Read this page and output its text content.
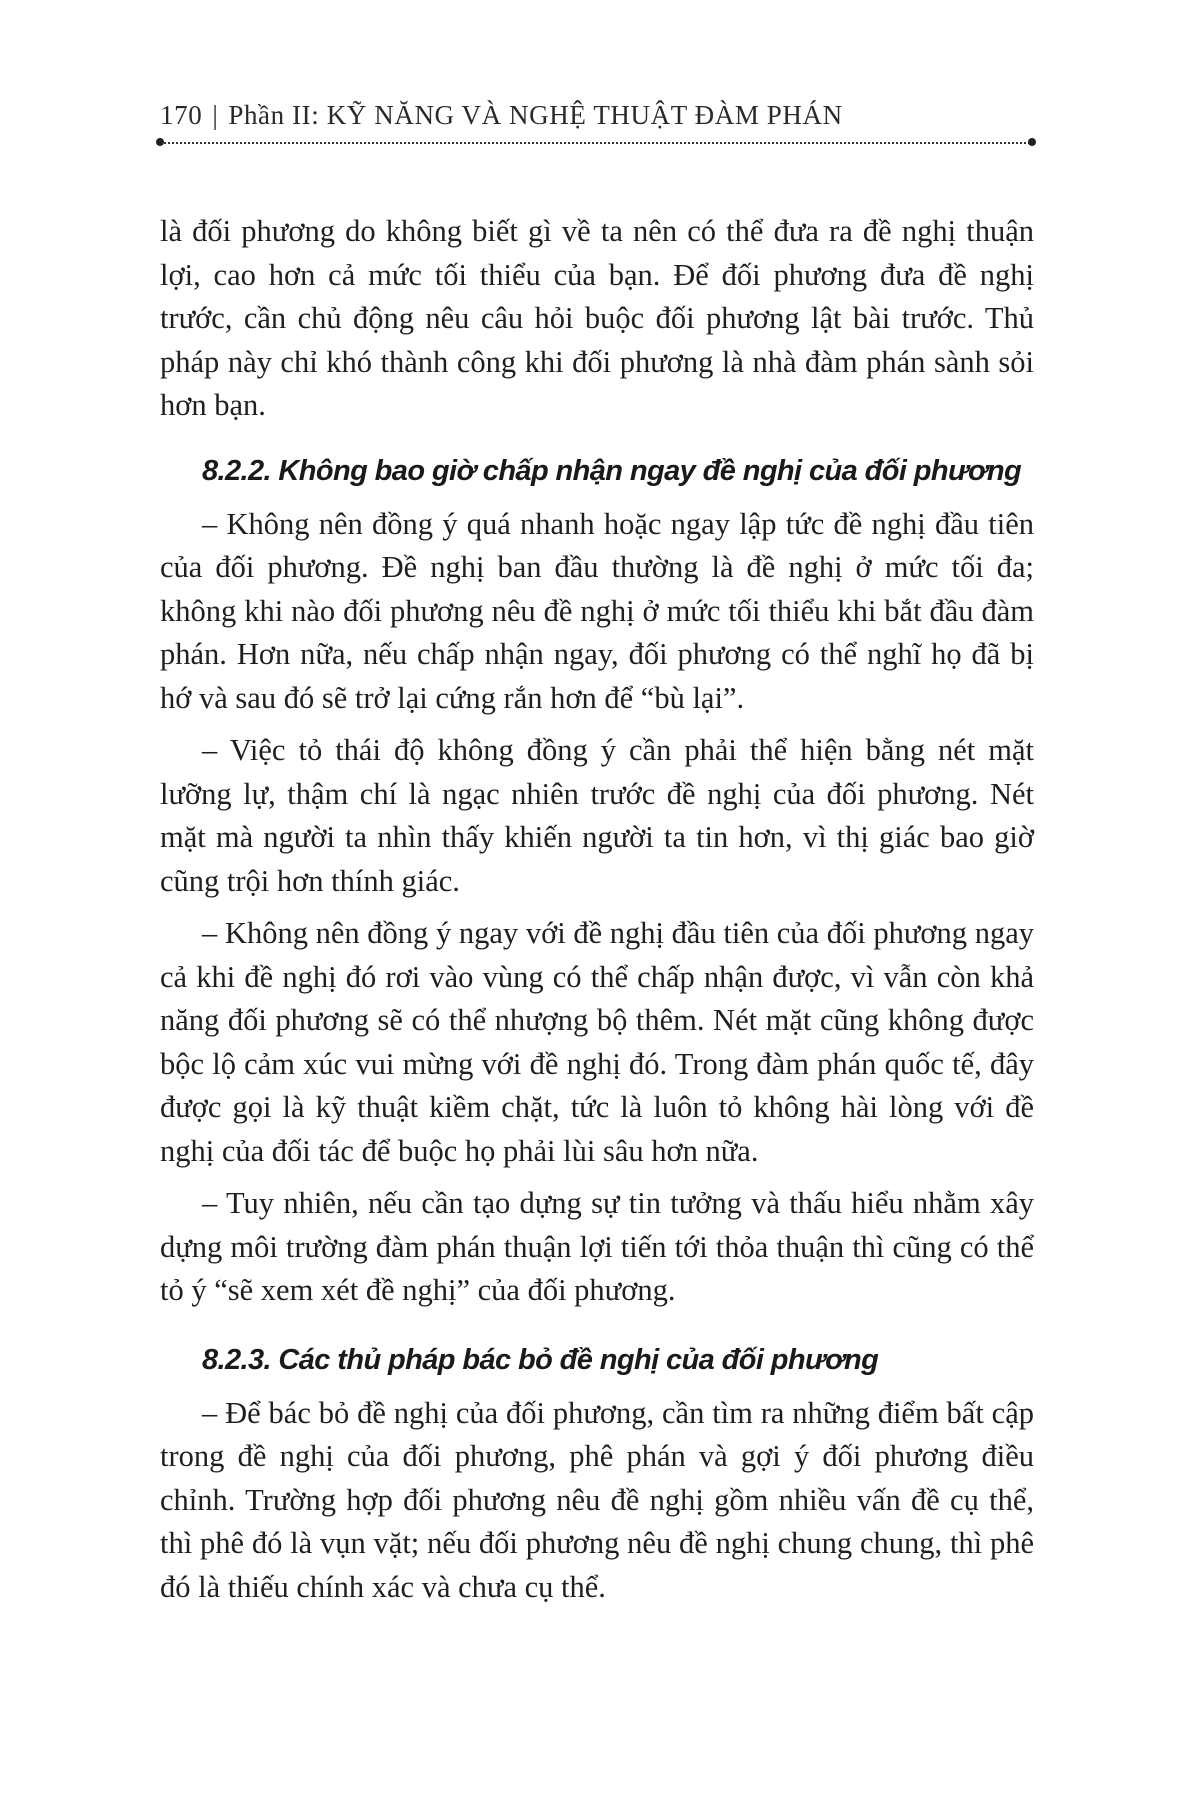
170 | Phần II: KỸ NĂNG VÀ NGHỆ THUẬT ĐÀM PHÁN

là đối phương do không biết gì về ta nên có thể đưa ra đề nghị thuận lợi, cao hơn cả mức tối thiểu của bạn. Để đối phương đưa đề nghị trước, cần chủ động nêu câu hỏi buộc đối phương lật bài trước. Thủ pháp này chỉ khó thành công khi đối phương là nhà đàm phán sành sỏi hơn bạn.

8.2.2. Không bao giờ chấp nhận ngay đề nghị của đối phương

– Không nên đồng ý quá nhanh hoặc ngay lập tức đề nghị đầu tiên của đối phương. Đề nghị ban đầu thường là đề nghị ở mức tối đa; không khi nào đối phương nêu đề nghị ở mức tối thiểu khi bắt đầu đàm phán. Hơn nữa, nếu chấp nhận ngay, đối phương có thể nghĩ họ đã bị hớ và sau đó sẽ trở lại cứng rắn hơn để “bù lại”.

– Việc tỏ thái độ không đồng ý cần phải thể hiện bằng nét mặt lưỡng lự, thậm chí là ngạc nhiên trước đề nghị của đối phương. Nét mặt mà người ta nhìn thấy khiến người ta tin hơn, vì thị giác bao giờ cũng trội hơn thính giác.

– Không nên đồng ý ngay với đề nghị đầu tiên của đối phương ngay cả khi đề nghị đó rơi vào vùng có thể chấp nhận được, vì vẫn còn khả năng đối phương sẽ có thể nhượng bộ thêm. Nét mặt cũng không được bộc lộ cảm xúc vui mừng với đề nghị đó. Trong đàm phán quốc tế, đây được gọi là kỹ thuật kiềm chặt, tức là luôn tỏ không hài lòng với đề nghị của đối tác để buộc họ phải lùi sâu hơn nữa.

– Tuy nhiên, nếu cần tạo dựng sự tin tưởng và thấu hiểu nhằm xây dựng môi trường đàm phán thuận lợi tiến tới thỏa thuận thì cũng có thể tỏ ý “sẽ xem xét đề nghị” của đối phương.

8.2.3. Các thủ pháp bác bỏ đề nghị của đối phương

– Để bác bỏ đề nghị của đối phương, cần tìm ra những điểm bất cập trong đề nghị của đối phương, phê phán và gợi ý đối phương điều chỉnh. Trường hợp đối phương nêu đề nghị gồm nhiều vấn đề cụ thể, thì phê đó là vụn vặt; nếu đối phương nêu đề nghị chung chung, thì phê đó là thiếu chính xác và chưa cụ thể.
